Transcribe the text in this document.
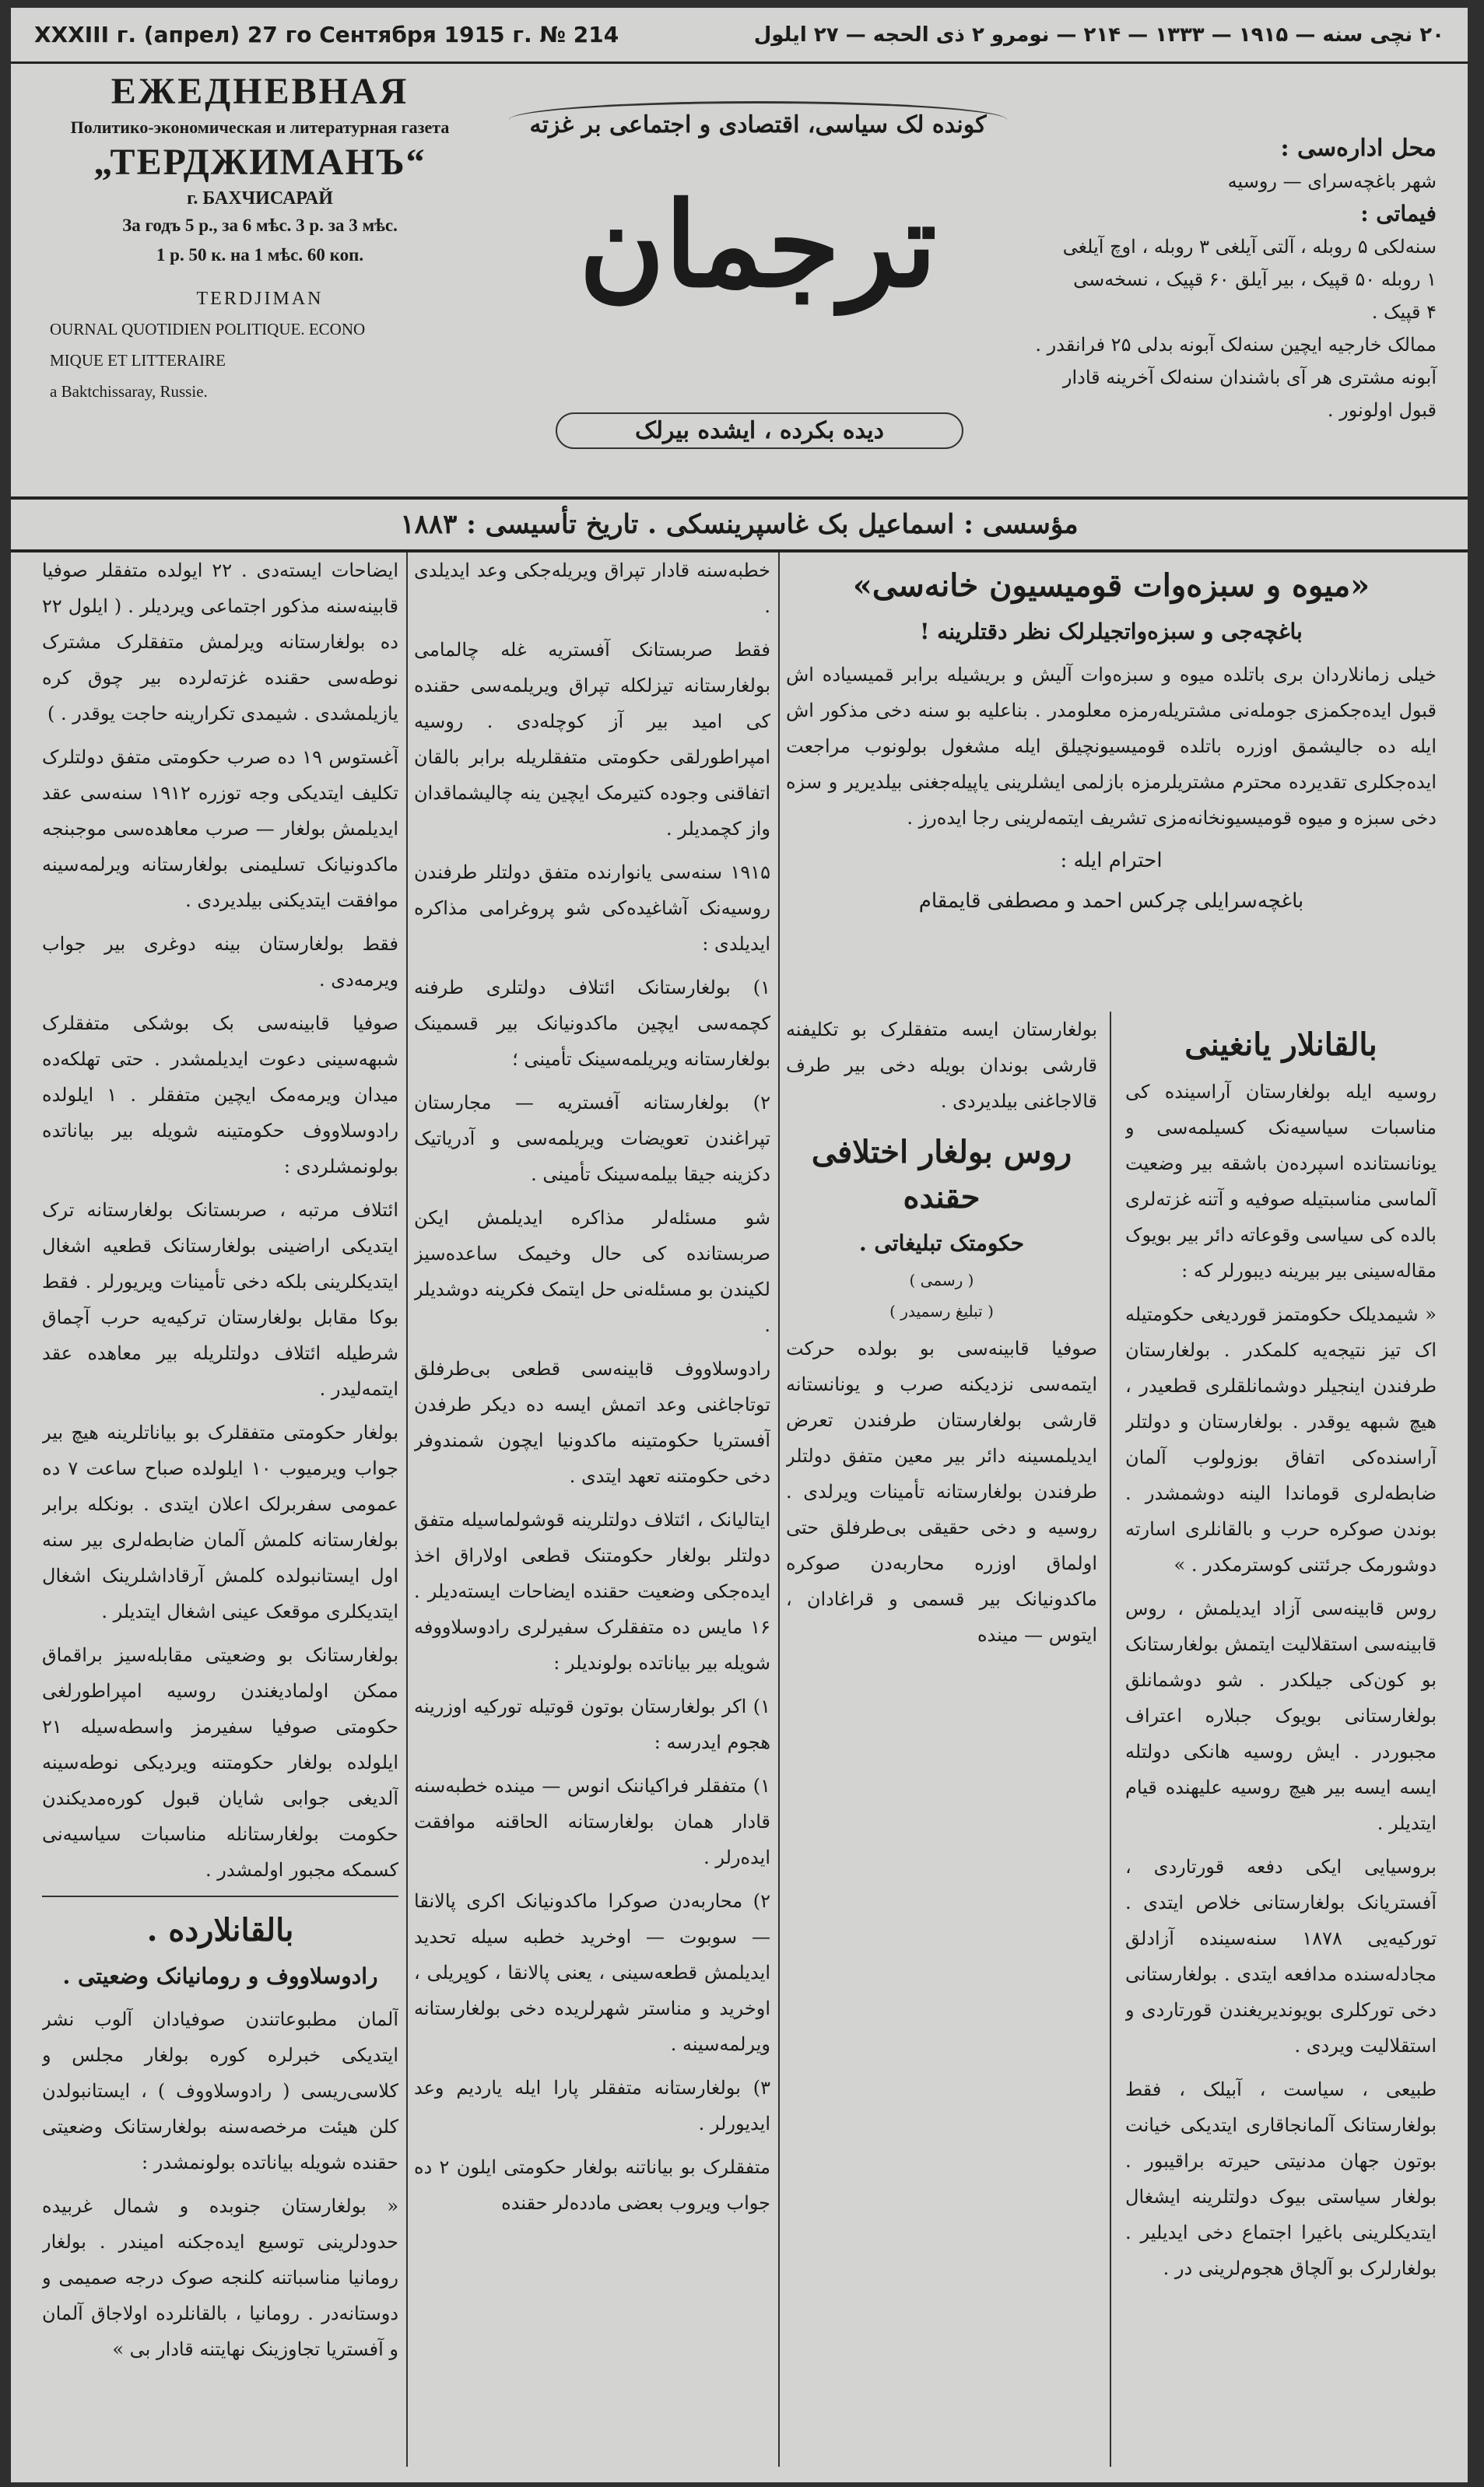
XXXIII г. (апрел) 27 го Сентября 1915 г. № 214	۲۰ نچی سنه — ۱۹۱۵ — ۱۳۳۳ — ۲۱۴ — نومرو ۲ ذی الحجه — ۲۷ ایلول
ЕЖЕДНЕВНАЯ
Политико-экономическая и литературная газета
„ТЕРДЖИМАНЪ“
г. БАХЧИСАРАЙ
За годъ 5 р., за 6 мѣс. 3 р. за 3 мѣс.
1 р. 50 к. на 1 мѣс. 60 коп.
TERDJIMAN
OURNAL QUOTIDIEN POLITIQUE. ECONO
MIQUE ET LITTERAIRE
a Baktchissaray, Russie.
کونده لک سیاسی، اقتصادی و اجتماعی بر غزته
ترجمان
دیده بکرده ، ایشده بیرلک
محل اداره‌سی :
شهر باغچه‌سرای — روسیه
فیماتی :
سنه‌لکی ۵ روبله ، آلتی آیلغی ۳ روبله ، اوچ آیلغی
۱ روبله ۵۰ قپیک ، بیر آیلق ۶۰ قپیک ، نسخه‌سی
۴ قپیک .
ممالک خارجیه ایچین سنه‌لک آبونه بدلی ۲۵ فرانقدر .
آبونه مشتری هر آی باشندان سنه‌لک آخرینه قادار
قبول اولونور .
مؤسسی : اسماعیل بک غاسپرینسکی . تاریخ تأسیسی : ۱۸۸۳
«میوه و سبزه‌وات قومیسیون خانه‌سی»
باغچه‌جی و سبزه‌واتجیلرلک نظر دقتلرینه !

خیلی زمانلاردان بری باتلده میوه و سبزه‌وات آلیش و بریشیله برابر قمیسیاده اش قبول ایده‌جکمزی جومله‌نی مشتریله‌رمزه معلومدر . بناعلیه بو سنه دخی مذکور اش ایله ده جالیشمق اوزره باتلده قومیسیونچیلق ایله مشغول بولونوب مراجعت ایده‌جکلری تقدیرده محترم مشتریلرمزه بازلمی ایشلرینی یاپیله‌جغنی بیلدیریر و سزه دخی سبزه و میوه قومیسیونخانه‌مزی تشریف ایتمه‌لرینی رجا ایده‌رز .

احترام ایله :
باغچه‌سرایلی چرکس احمد و مصطفی قایمقام
بالقانلار یانغینی

روسیه ایله بولغارستان آراسینده کی مناسبات سیاسیه‌نک کسیلمه‌سی و یونانستانده اسپرده‌ن باشقه بیر وضعیت آلماسی مناسبتیله صوفیه و آتنه غزته‌لری بالده کی سیاسی وقوعاته دائر بیر بویوک مقاله‌سینی بیر بیرینه دیبورلر که :

« شیمدیلک حکومتمز قوردیغی حکومتیله اک تیز نتیجه‌یه کلمکدر . بولغارستان طرفندن اینجیلر دوشمانلقلری قطعیدر ، هیچ شبهه یوقدر . بولغارستان و دولتلر آراسنده‌کی اتفاق بوزولوب آلمان ضابطه‌لری قوماندا الینه دوشمشدر . بوندن صوکره حرب و بالقانلری اسارته دوشورمک جرئتنی کوسترمکدر . »

روس قابینه‌سی آزاد ایدیلمش ، روس قابینه‌سی استقلالیت ایتمش بولغارستانک بو کون‌کی جیلکدر . شو دوشمانلق بولغارستانی بویوک جبلاره اعتراف مجبوردر . ایش روسیه هانکی دولتله ایسه ایسه بیر هیچ روسیه علیهنده قیام ایتدیلر .

بروسیایی ایکی دفعه قورتاردی ، آفستریانک بولغارستانی خلاص ایتدی . تورکیه‌یی ۱۸۷۸ سنه‌سینده آزادلق مجادله‌سنده مدافعه ایتدی . بولغارستانی دخی تورکلری بویوندیریغندن قورتاردی و استقلالیت ویردی .

طبیعی ، سیاست ، آبیلک ، فقط بولغارستانک آلمانجاقاری ایتدیکی خیانت بوتون جهان مدنیتی حیرته براقیبور . بولغار سیاستی بیوک دولتلرینه ایشغال ایتدیکلرینی باغیرا اجتماع دخی ایدیلیر . بولغارلرک بو آلچاق هجوم‌لرینی در .

بولغارستان ایسه متفقلرک بو تکلیفنه قارشی بوندان بویله دخی بیر طرف قالاجاغنی بیلدیردی .

روس بولغار اختلافی حقنده
حکومتک تبلیغاتی .
( رسمی )
( تبلیغ رسمیدر )

صوفیا قابینه‌سی بو بولده حرکت ایتمه‌سی نزدیکنه صرب و یونانستانه قارشی بولغارستان طرفندن تعرض ایدیلمسینه دائر بیر معین متفق دولتلر طرفندن بولغارستانه تأمینات ویرلدی . روسیه و دخی حقیقی بی‌طرفلق حتی اولماق اوزره محاربه‌دن صوکره ماکدونیانک بیر قسمی و قراغادان ، ایتوس — مینده

خطبه‌سنه قادار تپراق ویریله‌جکی وعد ایدیلدی .

فقط صربستانک آفستریه غله چالمامی بولغارستانه تیزلکله تپراق ویریلمه‌سی حقنده کی امید بیر آز کوچله‌دی . روسیه امپراطورلقی حکومتی متفقلریله برابر بالقان اتفاقنی وجوده کتیرمک ایچین ینه چالیشماقدان واز کچمدیلر .

۱۹۱۵ سنه‌سی یانوارنده متفق دولتلر طرفندن روسیه‌نک آشاغیده‌کی شو پروغرامی مذاکره ایدیلدی :

۱) بولغارستانک ائتلاف دولتلری طرفنه کچمه‌سی ایچین ماکدونیانک بیر قسمینک بولغارستانه ویریلمه‌سینک تأمینی ؛

۲) بولغارستانه آفستریه — مجارستان تپراغندن تعویضات ویریلمه‌سی و آدریاتیک دکزینه جیقا بیلمه‌سینک تأمینی .

شو مسئله‌لر مذاکره ایدیلمش ایکن صربستانده کی حال وخیمک ساعده‌سیز لکیندن بو مسئله‌نی حل ایتمک فکرینه دوشدیلر .

رادوسلاووف قابینه‌سی قطعی بی‌طرفلق توتاجاغنی وعد اتمش ایسه ده دیکر طرفدن آفستریا حکومتینه ماکدونیا ایچون شمندوفر دخی حکومتنه تعهد ایتدی .

ایتالیانک ، ائتلاف دولتلرینه قوشولماسیله متفق دولتلر بولغار حکومتنک قطعی اولاراق اخذ ایده‌جکی وضعیت حقنده ایضاحات ایسته‌دیلر . ۱۶ مایس ده متفقلرک سفیرلری رادوسلاووفه شویله بیر بیاناتده بولوندیلر :

۱) اکر بولغارستان بوتون قوتیله تورکیه اوزرینه هجوم ایدرسه :

۱) متفقلر فراکیاننک انوس — مینده خطبه‌سنه قادار همان بولغارستانه الحاقنه موافقت ایده‌رلر .

۲) محاربه‌دن صوکرا ماکدونیانک اکری پالانقا — سوبوت — اوخرید خطبه سیله تحدید ایدیلمش قطعه‌سینی ، یعنی پالانقا ، کوپریلی ، اوخرید و مناستر شهرلریده دخی بولغارستانه ویرلمه‌سینه .

۳) بولغارستانه متفقلر پارا ایله یاردیم وعد ایدیورلر .

متفقلرک بو بیاناتنه بولغار حکومتی ایلون ۲ ده جواب ویروب بعضی مادده‌لر حقنده

ایضاحات ایسته‌دی . ۲۲ ایولده متفقلر صوفیا قابینه‌سنه مذکور اجتماعی ویردیلر . ( ایلول ۲۲ ده بولغارستانه ویرلمش متفقلرک مشترک نوطه‌سی حقنده غزته‌لرده بیر چوق کره یازیلمشدی . شیمدی تکرارینه حاجت یوقدر . )

آغستوس ۱۹ ده صرب حکومتی متفق دولتلرک تکلیف ایتدیکی وجه توزره ۱۹۱۲ سنه‌سی عقد ایدیلمش بولغار — صرب معاهده‌سی موجبنجه ماکدونیانک تسلیمنی بولغارستانه ویرلمه‌سینه موافقت ایتدیکنی بیلدیردی .

فقط بولغارستان بینه دوغری بیر جواب ویرمه‌دی .

صوفیا قابینه‌سی بک بوشکی متفقلرک شبهه‌سینی دعوت ایدیلمشدر . حتی تهلکه‌ده میدان ویرمه‌مک ایچین متفقلر . ۱ ایلولده رادوسلاووف حکومتینه شویله بیر بیاناتده بولونمشلردی :

ائتلاف مرتبه ، صربستانک بولغارستانه ترک ایتدیکی اراضینی بولغارستانک قطعیه اشغال ایتدیکلرینی بلکه دخی تأمینات ویریورلر . فقط بوکا مقابل بولغارستان ترکیه‌یه حرب آچماق شرطیله ائتلاف دولتلریله بیر معاهده عقد ایتمه‌لیدر .

بولغار حکومتی متفقلرک بو بیاناتلرینه هیچ بیر جواب ویرمیوب ۱۰ ایلولده صباح ساعت ۷ ده عمومی سفربرلک اعلان ایتدی . بونکله برابر بولغارستانه کلمش آلمان ضابطه‌لری بیر سنه اول ایستانبولده کلمش آرقاداشلرینک اشغال ایتدیکلری موقعک عینی اشغال ایتدیلر .

بولغارستانک بو وضعیتی مقابله‌سیز براقماق ممکن اولمادیغندن روسیه امپراطورلغی حکومتی صوفیا سفیرمز واسطه‌سیله ۲۱ ایلولده بولغار حکومتنه ویردیکی نوطه‌سینه آلدیغی جوابی شایان قبول کوره‌مدیکندن حکومت بولغارستانله مناسبات سیاسیه‌نی کسمکه مجبور اولمشدر .

بالقانلاردە .
رادوسلاووف و رومانیانک وضعیتی .

آلمان مطبوعاتندن صوفیادان آلوب نشر ایتدیکی خبرلره کوره بولغار مجلس و کلاسی‌ریسی ( رادوسلاووف ) ، ایستانبولدن کلن هیئت مرخصه‌سنه بولغارستانک وضعیتی حقنده شویله بیاناتده بولونمشدر :

« بولغارستان جنوبده و شمال غربیده حدودلرینی توسیع ایده‌جکنه امیندر . بولغار رومانیا مناسباتنه کلنجه صوک درجه صمیمی و دوستانه‌در . رومانیا ، بالقانلرده اولاجاق آلمان و آفستریا تجاوزینک نهایتنه قادار بی »
